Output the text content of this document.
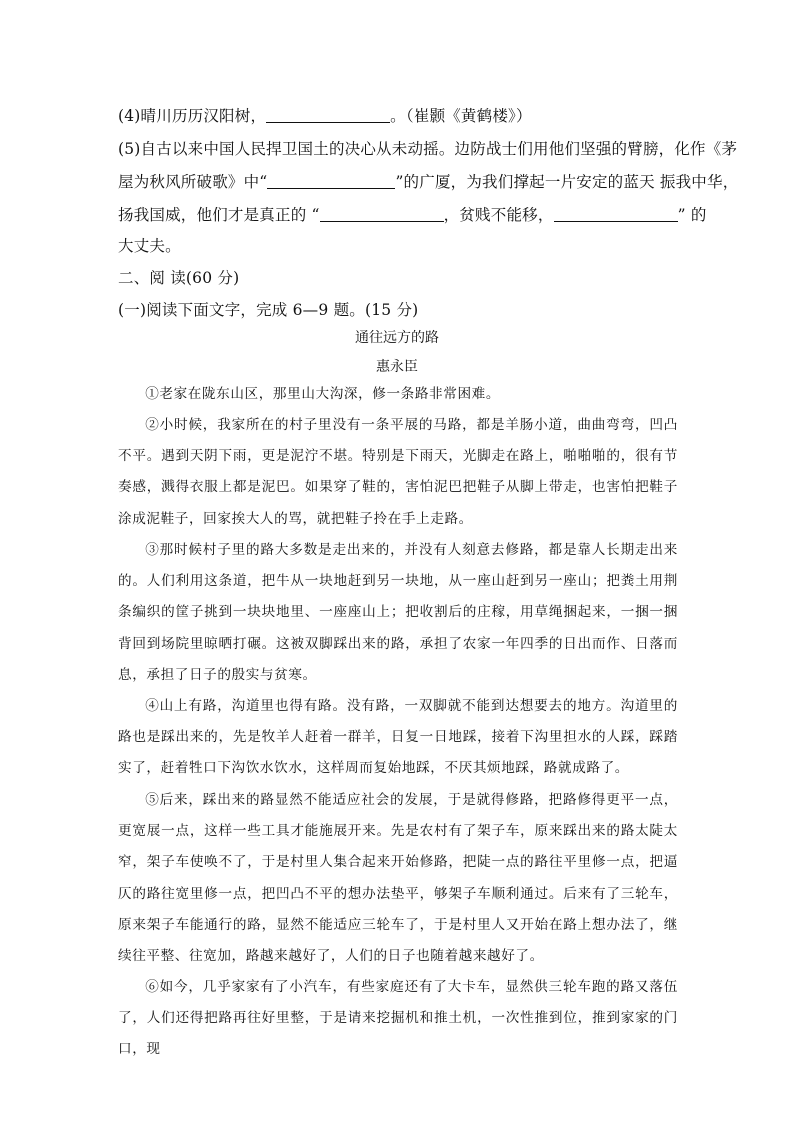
(4)晴川历历汉阳树，	。（崔颢《黄鹤楼》）
(5)自古以来中国人民捍卫国土的决心从未动摇。边防战士们用他们坚强的臂膀，化作《茅
屋为秋风所破歌》中“	”的广厦，为我们撑起一片安定的蓝天 振我中华，
扬我国威，他们才是真正的 “	，贫贱不能移，	” 的
大丈夫。
二、阅 读(60 分)
(一)阅读下面文字，完成 6—9 题。(15 分)
通往远方的路
惠永臣
①老家在陇东山区，那里山大沟深，修一条路非常困难。
②小时候，我家所在的村子里没有一条平展的马路，都是羊肠小道，曲曲弯弯，凹凸不平。遇到天阴下雨，更是泥泞不堪。特别是下雨天，光脚走在路上，啪啪啪的，很有节奏感，溅得衣服上都是泥巴。如果穿了鞋的，害怕泥巴把鞋子从脚上带走，也害怕把鞋子涂成泥鞋子，回家挨大人的骂，就把鞋子拎在手上走路。
③那时候村子里的路大多数是走出来的，并没有人刻意去修路，都是靠人长期走出来的。人们利用这条道，把牛从一块地赶到另一块地，从一座山赶到另一座山；把粪土用荆条编织的筐子挑到一块块地里、一座座山上；把收割后的庄稼，用草绳捆起来，一捆一捆背回到场院里晾晒打碾。这被双脚踩出来的路，承担了农家一年四季的日出而作、日落而息，承担了日子的殷实与贫寒。
④山上有路，沟道里也得有路。没有路，一双脚就不能到达想要去的地方。沟道里的路也是踩出来的，先是牧羊人赶着一群羊，日复一日地踩，接着下沟里担水的人踩，踩踏实了，赶着牲口下沟饮水饮水，这样周而复始地踩，不厌其烦地踩，路就成路了。
⑤后来，踩出来的路显然不能适应社会的发展，于是就得修路，把路修得更平一点，更宽展一点，这样一些工具才能施展开来。先是农村有了架子车，原来踩出来的路太陡太窄，架子车使唤不了，于是村里人集合起来开始修路，把陡一点的路往平里修一点，把逼仄的路往宽里修一点，把凹凸不平的想办法垫平，够架子车顺利通过。后来有了三轮车，原来架子车能通行的路，显然不能适应三轮车了，于是村里人又开始在路上想办法了，继续往平整、往宽加，路越来越好了，人们的日子也随着越来越好了。
⑥如今，几乎家家有了小汽车，有些家庭还有了大卡车，显然供三轮车跑的路又落伍了，人们还得把路再往好里整，于是请来挖掘机和推土机，一次性推到位，推到家家的门口，现
